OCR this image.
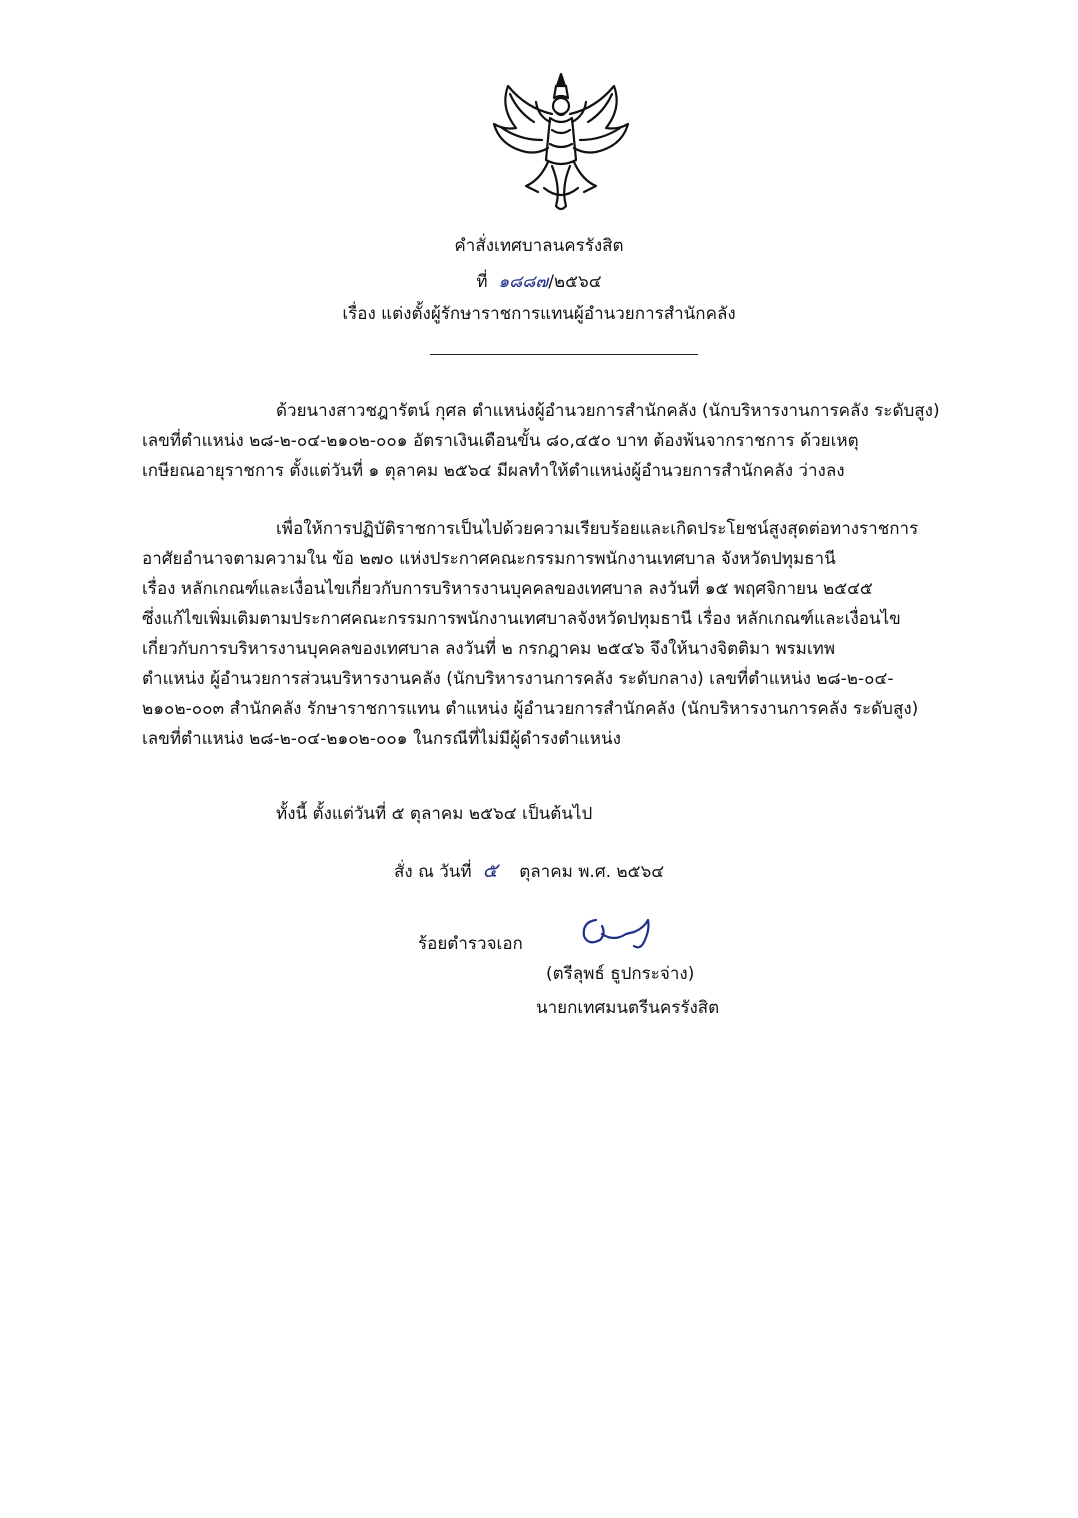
คำสั่งเทศบาลนครรังสิต
ที่ ๑๘๘๗/๒๕๖๔
เรื่อง แต่งตั้งผู้รักษาราชการแทนผู้อำนวยการสำนักคลัง
ด้วยนางสาวชฎารัตน์ กุศล ตำแหน่งผู้อำนวยการสำนักคลัง (นักบริหารงานการคลัง ระดับสูง)
เลขที่ตำแหน่ง ๒๘-๒-๐๔-๒๑๐๒-๐๐๑ อัตราเงินเดือนขั้น ๘๐,๔๕๐ บาท ต้องพ้นจากราชการ ด้วยเหตุ
เกษียณอายุราชการ ตั้งแต่วันที่ ๑ ตุลาคม ๒๕๖๔ มีผลทำให้ตำแหน่งผู้อำนวยการสำนักคลัง ว่างลง
เพื่อให้การปฏิบัติราชการเป็นไปด้วยความเรียบร้อยและเกิดประโยชน์สูงสุดต่อทางราชการ
อาศัยอำนาจตามความใน ข้อ ๒๗๐ แห่งประกาศคณะกรรมการพนักงานเทศบาล จังหวัดปทุมธานี
เรื่อง หลักเกณฑ์และเงื่อนไขเกี่ยวกับการบริหารงานบุคคลของเทศบาล ลงวันที่ ๑๕ พฤศจิกายน ๒๕๔๕
ซึ่งแก้ไขเพิ่มเติมตามประกาศคณะกรรมการพนักงานเทศบาลจังหวัดปทุมธานี เรื่อง หลักเกณฑ์และเงื่อนไข
เกี่ยวกับการบริหารงานบุคคลของเทศบาล ลงวันที่ ๒ กรกฎาคม ๒๕๔๖ จึงให้นางจิตติมา พรมเทพ
ตำแหน่ง ผู้อำนวยการส่วนบริหารงานคลัง (นักบริหารงานการคลัง ระดับกลาง) เลขที่ตำแหน่ง ๒๘-๒-๐๔-
๒๑๐๒-๐๐๓ สำนักคลัง รักษาราชการแทน ตำแหน่ง ผู้อำนวยการสำนักคลัง (นักบริหารงานการคลัง ระดับสูง)
เลขที่ตำแหน่ง ๒๘-๒-๐๔-๒๑๐๒-๐๐๑ ในกรณีที่ไม่มีผู้ดำรงตำแหน่ง
ทั้งนี้ ตั้งแต่วันที่ ๕ ตุลาคม ๒๕๖๔ เป็นต้นไป
สั่ง ณ วันที่ ๕ ตุลาคม พ.ศ. ๒๕๖๔
ร้อยตำรวจเอก
(ตรีลุพธ์ ธูปกระจ่าง)
นายกเทศมนตรีนครรังสิต
